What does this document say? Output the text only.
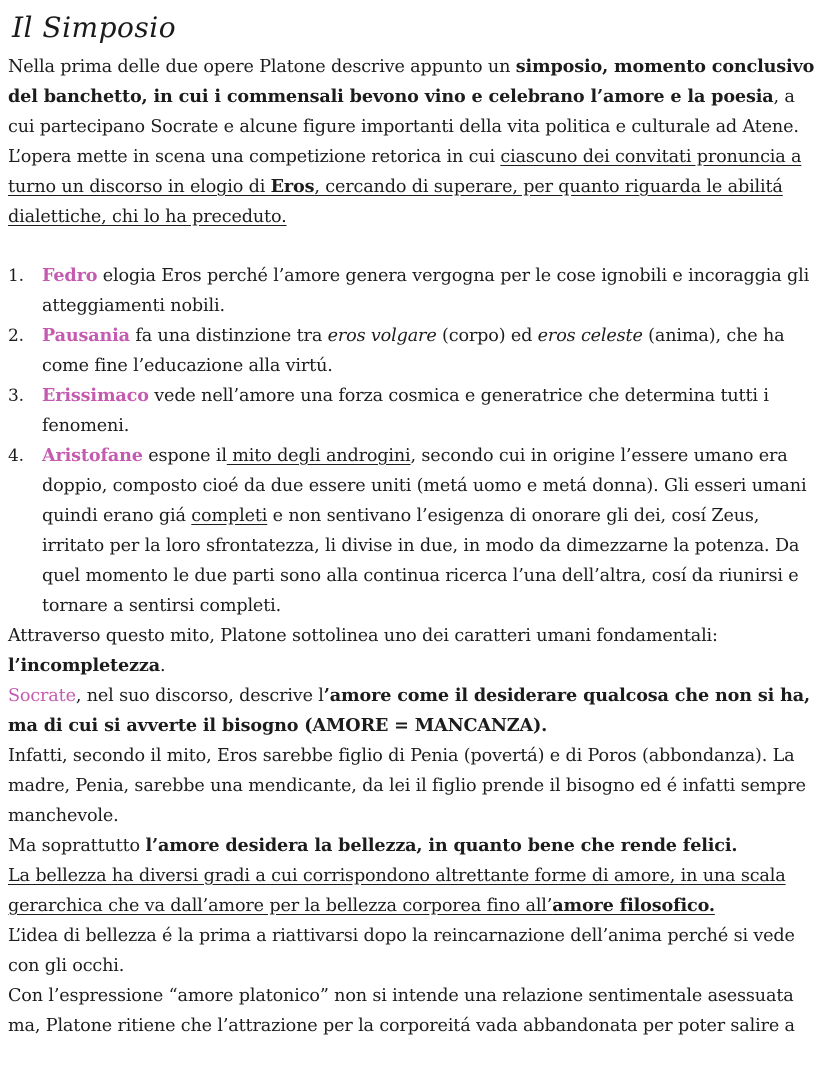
Il Simposio

Nella prima delle due opere Platone descrive appunto un simposio, momento conclusivo del banchetto, in cui i commensali bevono vino e celebrano l’amore e la poesia, a cui partecipano Socrate e alcune figure importanti della vita politica e culturale ad Atene.

L’opera mette in scena una competizione retorica in cui ciascuno dei convitati pronuncia a turno un discorso in elogio di Eros, cercando di superare, per quanto riguarda le abilitá dialettiche, chi lo ha preceduto.

1.	Fedro elogia Eros perché l’amore genera vergogna per le cose ignobili e incoraggia gli atteggiamenti nobili.
2.	Pausania fa una distinzione tra eros volgare (corpo) ed eros celeste (anima), che ha come fine l’educazione alla virtú.
3.	Erissimaco vede nell’amore una forza cosmica e generatrice che determina tutti i fenomeni.
4.	Aristofane espone il mito degli androgini, secondo cui in origine l’essere umano era doppio, composto cioé da due essere uniti (metá uomo e metá donna). Gli esseri umani quindi erano giá completi e non sentivano l’esigenza di onorare gli dei, cosí Zeus, irritato per la loro sfrontatezza, li divise in due, in modo da dimezzarne la potenza. Da quel momento le due parti sono alla continua ricerca l’una dell’altra, cosí da riunirsi e tornare a sentirsi completi.

Attraverso questo mito, Platone sottolinea uno dei caratteri umani fondamentali: l’incompletezza.

Socrate, nel suo discorso, descrive l’amore come il desiderare qualcosa che non si ha, ma di cui si avverte il bisogno (AMORE = MANCANZA).

Infatti, secondo il mito, Eros sarebbe figlio di Penia (povertá) e di Poros (abbondanza). La madre, Penia, sarebbe una mendicante, da lei il figlio prende il bisogno ed é infatti sempre manchevole.

Ma soprattutto l’amore desidera la bellezza, in quanto bene che rende felici.

La bellezza ha diversi gradi a cui corrispondono altrettante forme di amore, in una scala gerarchica che va dall’amore per la bellezza corporea fino all’amore filosofico.

L’idea di bellezza é la prima a riattivarsi dopo la reincarnazione dell’anima perché si vede con gli occhi.

Con l’espressione “amore platonico” non si intende una relazione sentimentale asessuata ma, Platone ritiene che l’attrazione per la corporeitá vada abbandonata per poter salire a
